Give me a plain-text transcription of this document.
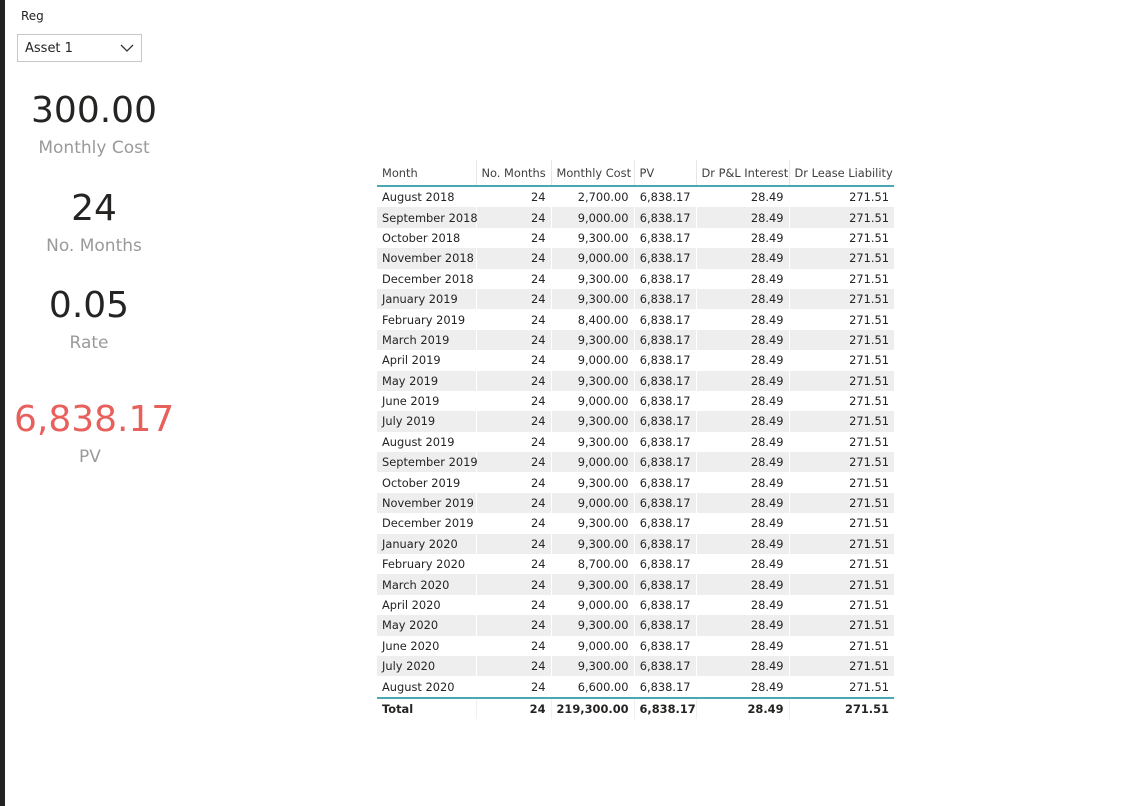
Reg
Asset 1
300.00
Monthly Cost
24
No. Months
0.05
Rate
6,838.17
PV
Month	No. Months	Monthly Cost	PV	Dr P&L Interest	Dr Lease Liability
August 2018	24	2,700.00	6,838.17	28.49	271.51
September 2018	24	9,000.00	6,838.17	28.49	271.51
October 2018	24	9,300.00	6,838.17	28.49	271.51
November 2018	24	9,000.00	6,838.17	28.49	271.51
December 2018	24	9,300.00	6,838.17	28.49	271.51
January 2019	24	9,300.00	6,838.17	28.49	271.51
February 2019	24	8,400.00	6,838.17	28.49	271.51
March 2019	24	9,300.00	6,838.17	28.49	271.51
April 2019	24	9,000.00	6,838.17	28.49	271.51
May 2019	24	9,300.00	6,838.17	28.49	271.51
June 2019	24	9,000.00	6,838.17	28.49	271.51
July 2019	24	9,300.00	6,838.17	28.49	271.51
August 2019	24	9,300.00	6,838.17	28.49	271.51
September 2019	24	9,000.00	6,838.17	28.49	271.51
October 2019	24	9,300.00	6,838.17	28.49	271.51
November 2019	24	9,000.00	6,838.17	28.49	271.51
December 2019	24	9,300.00	6,838.17	28.49	271.51
January 2020	24	9,300.00	6,838.17	28.49	271.51
February 2020	24	8,700.00	6,838.17	28.49	271.51
March 2020	24	9,300.00	6,838.17	28.49	271.51
April 2020	24	9,000.00	6,838.17	28.49	271.51
May 2020	24	9,300.00	6,838.17	28.49	271.51
June 2020	24	9,000.00	6,838.17	28.49	271.51
July 2020	24	9,300.00	6,838.17	28.49	271.51
August 2020	24	6,600.00	6,838.17	28.49	271.51
Total	24	219,300.00	6,838.17	28.49	271.51
